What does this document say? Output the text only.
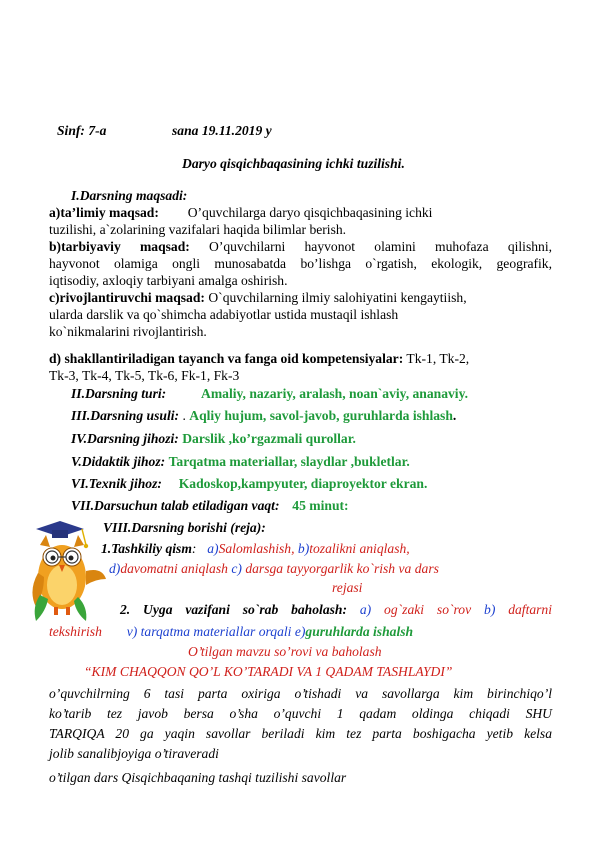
Sinf: 7-a	sana 19.11.2019 y
Daryo qisqichbaqasining ichki tuzilishi.
I.Darsning maqsadi:
a)ta’limiy maqsad: O’quvchilarga daryo qisqichbaqasining ichki
tuzilishi, a`zolarining vazifalari haqida bilimlar berish.
b)tarbiyaviy maqsad: O’quvchilarni hayvonot olamini muhofaza qilishni,
hayvonot olamiga ongli munosabatda bo’lishga o`rgatish, ekologik, geografik,
iqtisodiy, axloqiy tarbiyani amalga oshirish.
c)rivojlantiruvchi maqsad: O`quvchilarning ilmiy salohiyatini kengaytiish,
ularda darslik va qo`shimcha adabiyotlar ustida mustaqil ishlash
ko`nikmalarini rivojlantirish.
d) shakllantiriladigan tayanch va fanga oid kompetensiyalar: Tk-1, Tk-2,
Tk-3, Tk-4, Tk-5, Tk-6, Fk-1, Fk-3
II.Darsning turi:	Amaliy, nazariy, aralash, noan`aviy, ananaviy.
III.Darsning usuli: . Aqliy hujum, savol-javob, guruhlarda ishlash.
IV.Darsning jihozi: Darslik ,ko’rgazmali qurollar.
V.Didaktik jihoz: Tarqatma materiallar, slaydlar ,bukletlar.
VI.Texnik jihoz: Kadoskop,kampyuter, diaproyektor ekran.
VII.Darsuchun talab etiladigan vaqt: 45 minut:
VIII.Darsning borishi (reja):
1.Tashkiliy qism: a)Salomlashish, b)tozalikni aniqlash,
d)davomatni aniqlash c) darsga tayyorgarlik ko`rish va dars
rejasi
2. Uyga vazifani so`rab baholash: a) og`zaki so`rov b) daftarni
tekshirish v) tarqatma materiallar orqali e)guruhlarda ishalsh
O’tilgan mavzu so’rovi va baholash
“KIM CHAQQON QO’L KO’TARADI VA 1 QADAM TASHLAYDI”
o’quvchilrning 6 tasi parta oxiriga o’tishadi va savollarga kim birinchiqo’l
ko’tarib tez javob bersa o’sha o’quvchi 1 qadam oldinga chiqadi SHU
TARQIQA 20 ga yaqin savollar beriladi kim tez parta boshigacha yetib kelsa
jolib sanalibjoyiga o’tiraveradi
o’tilgan dars Qisqichbaqaning tashqi tuzilishi savollar
